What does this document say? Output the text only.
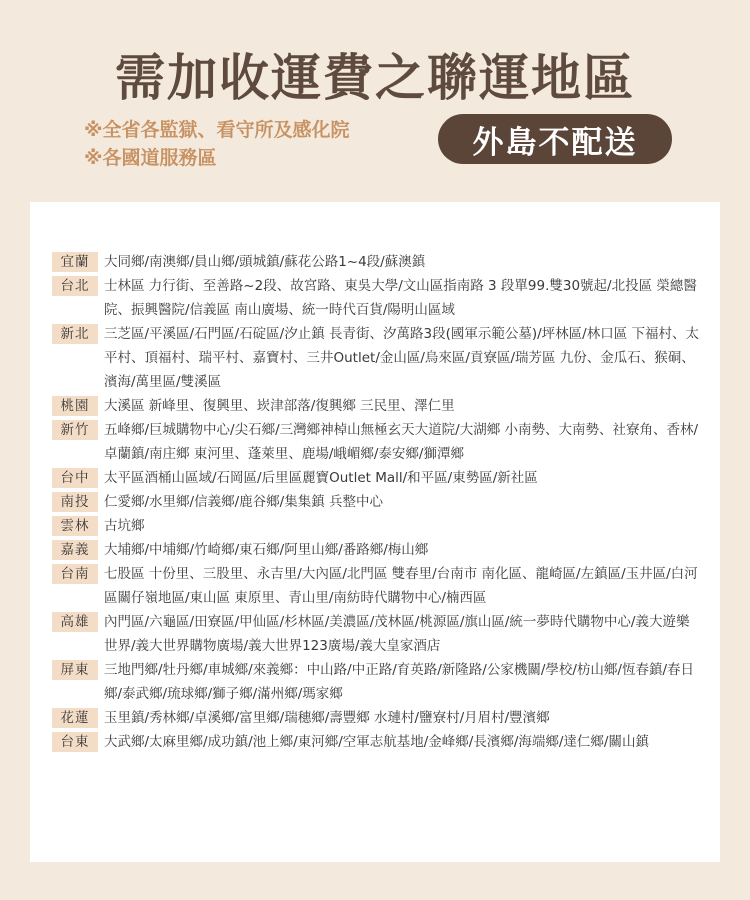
需加收運費之聯運地區
※全省各監獄、看守所及感化院
※各國道服務區	外島不配送
宜蘭	大同鄉/南澳鄉/員山鄉/頭城鎮/蘇花公路1~4段/蘇澳鎮
台北	士林區 力行街、至善路~2段、故宮路、東吳大學/文山區指南路 3 段單99.雙30號起/北投區 榮總醫院、振興醫院/信義區 南山廣場、統一時代百貨/陽明山區域
新北	三芝區/平溪區/石門區/石碇區/汐止鎮 長青街、汐萬路3段(國軍示範公墓)/坪林區/林口區 下福村、太平村、頂福村、瑞平村、嘉寶村、三井Outlet/金山區/烏來區/貢寮區/瑞芳區 九份、金瓜石、猴硐、濱海/萬里區/雙溪區
桃園	大溪區 新峰里、復興里、崁津部落/復興鄉 三民里、澤仁里
新竹	五峰鄉/巨城購物中心/尖石鄉/三灣鄉神棹山無極玄天大道院/大湖鄉 小南勢、大南勢、社寮角、香林/卓蘭鎮/南庄鄉 東河里、蓬萊里、鹿場/峨嵋鄉/泰安鄉/獅潭鄉
台中	太平區酒桶山區域/石岡區/后里區麗寶Outlet Mall/和平區/東勢區/新社區
南投	仁愛鄉/水里鄉/信義鄉/鹿谷鄉/集集鎮 兵整中心
雲林	古坑鄉
嘉義	大埔鄉/中埔鄉/竹崎鄉/東石鄉/阿里山鄉/番路鄉/梅山鄉
台南	七股區 十份里、三股里、永吉里/大內區/北門區 雙春里/台南市 南化區、龍崎區/左鎮區/玉井區/白河區關仔嶺地區/東山區 東原里、青山里/南紡時代購物中心/楠西區
高雄	內門區/六龜區/田寮區/甲仙區/杉林區/美濃區/茂林區/桃源區/旗山區/統一夢時代購物中心/義大遊樂世界/義大世界購物廣場/義大世界123廣場/義大皇家酒店
屏東	三地門鄉/牡丹鄉/車城鄉/來義鄉：中山路/中正路/育英路/新隆路/公家機關/學校/枋山鄉/恆春鎮/春日鄉/泰武鄉/琉球鄉/獅子鄉/滿州鄉/瑪家鄉
花蓮	玉里鎮/秀林鄉/卓溪鄉/富里鄉/瑞穗鄉/壽豐鄉 水璉村/鹽寮村/月眉村/豐濱鄉
台東	大武鄉/太麻里鄉/成功鎮/池上鄉/東河鄉/空軍志航基地/金峰鄉/長濱鄉/海端鄉/達仁鄉/關山鎮
